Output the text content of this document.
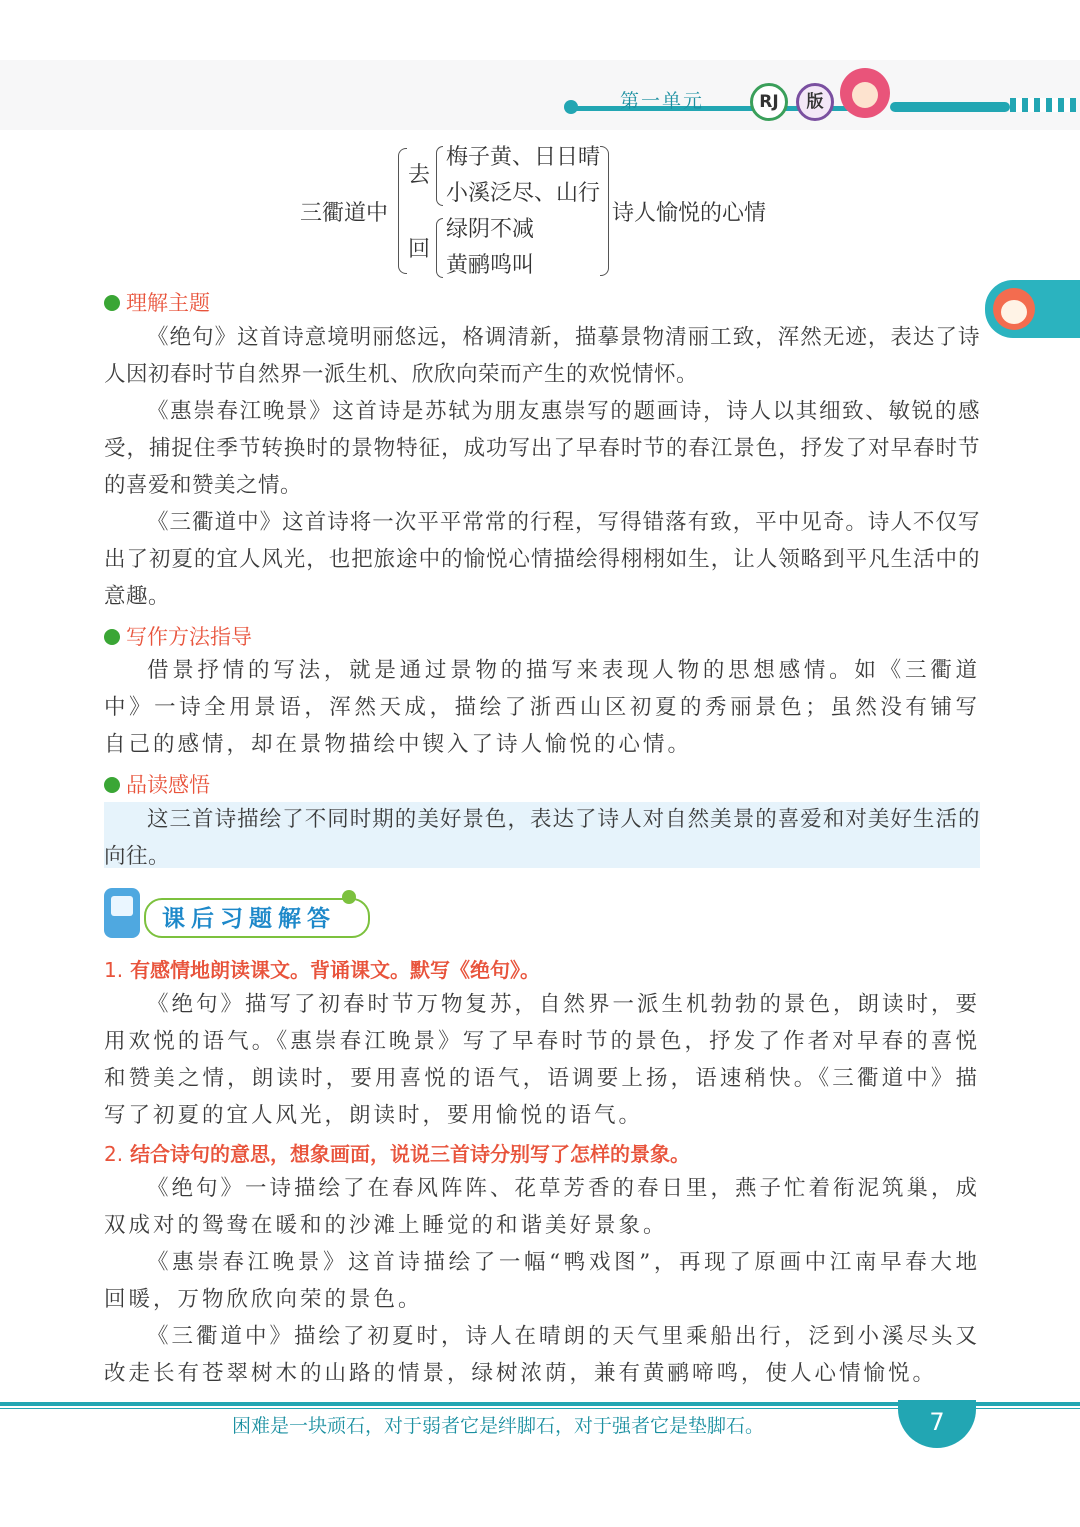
第一单元	RJ	版
三衢道中
去
梅子黄、日日晴
小溪泛尽、山行
回
绿阴不减
黄鹂鸣叫
诗人愉悦的心情
理解主题
《绝句》这首诗意境明丽悠远，格调清新，描摹景物清丽工致，浑然无迹，表达了诗人因初春时节自然界一派生机、欣欣向荣而产生的欢悦情怀。
《惠崇春江晚景》这首诗是苏轼为朋友惠崇写的题画诗，诗人以其细致、敏锐的感受，捕捉住季节转换时的景物特征，成功写出了早春时节的春江景色，抒发了对早春时节的喜爱和赞美之情。
《三衢道中》这首诗将一次平平常常的行程，写得错落有致，平中见奇。诗人不仅写出了初夏的宜人风光，也把旅途中的愉悦心情描绘得栩栩如生，让人领略到平凡生活中的意趣。
写作方法指导
借景抒情的写法，就是通过景物的描写来表现人物的思想感情。如《三衢道中》一诗全用景语，浑然天成，描绘了浙西山区初夏的秀丽景色；虽然没有铺写自己的感情，却在景物描绘中锲入了诗人愉悦的心情。
品读感悟
这三首诗描绘了不同时期的美好景色，表达了诗人对自然美景的喜爱和对美好生活的向往。
课后习题解答
1. 有感情地朗读课文。背诵课文。默写《绝句》。
《绝句》描写了初春时节万物复苏，自然界一派生机勃勃的景色，朗读时，要用欢悦的语气。《惠崇春江晚景》写了早春时节的景色，抒发了作者对早春的喜悦和赞美之情，朗读时，要用喜悦的语气，语调要上扬，语速稍快。《三衢道中》描写了初夏的宜人风光，朗读时，要用愉悦的语气。
2. 结合诗句的意思，想象画面，说说三首诗分别写了怎样的景象。
《绝句》一诗描绘了在春风阵阵、花草芳香的春日里，燕子忙着衔泥筑巢，成双成对的鸳鸯在暖和的沙滩上睡觉的和谐美好景象。
《惠崇春江晚景》这首诗描绘了一幅“鸭戏图”，再现了原画中江南早春大地回暖，万物欣欣向荣的景色。
《三衢道中》描绘了初夏时，诗人在晴朗的天气里乘船出行，泛到小溪尽头又改走长有苍翠树木的山路的情景，绿树浓荫，兼有黄鹂啼鸣，使人心情愉悦。
困难是一块顽石，对于弱者它是绊脚石，对于强者它是垫脚石。	7
